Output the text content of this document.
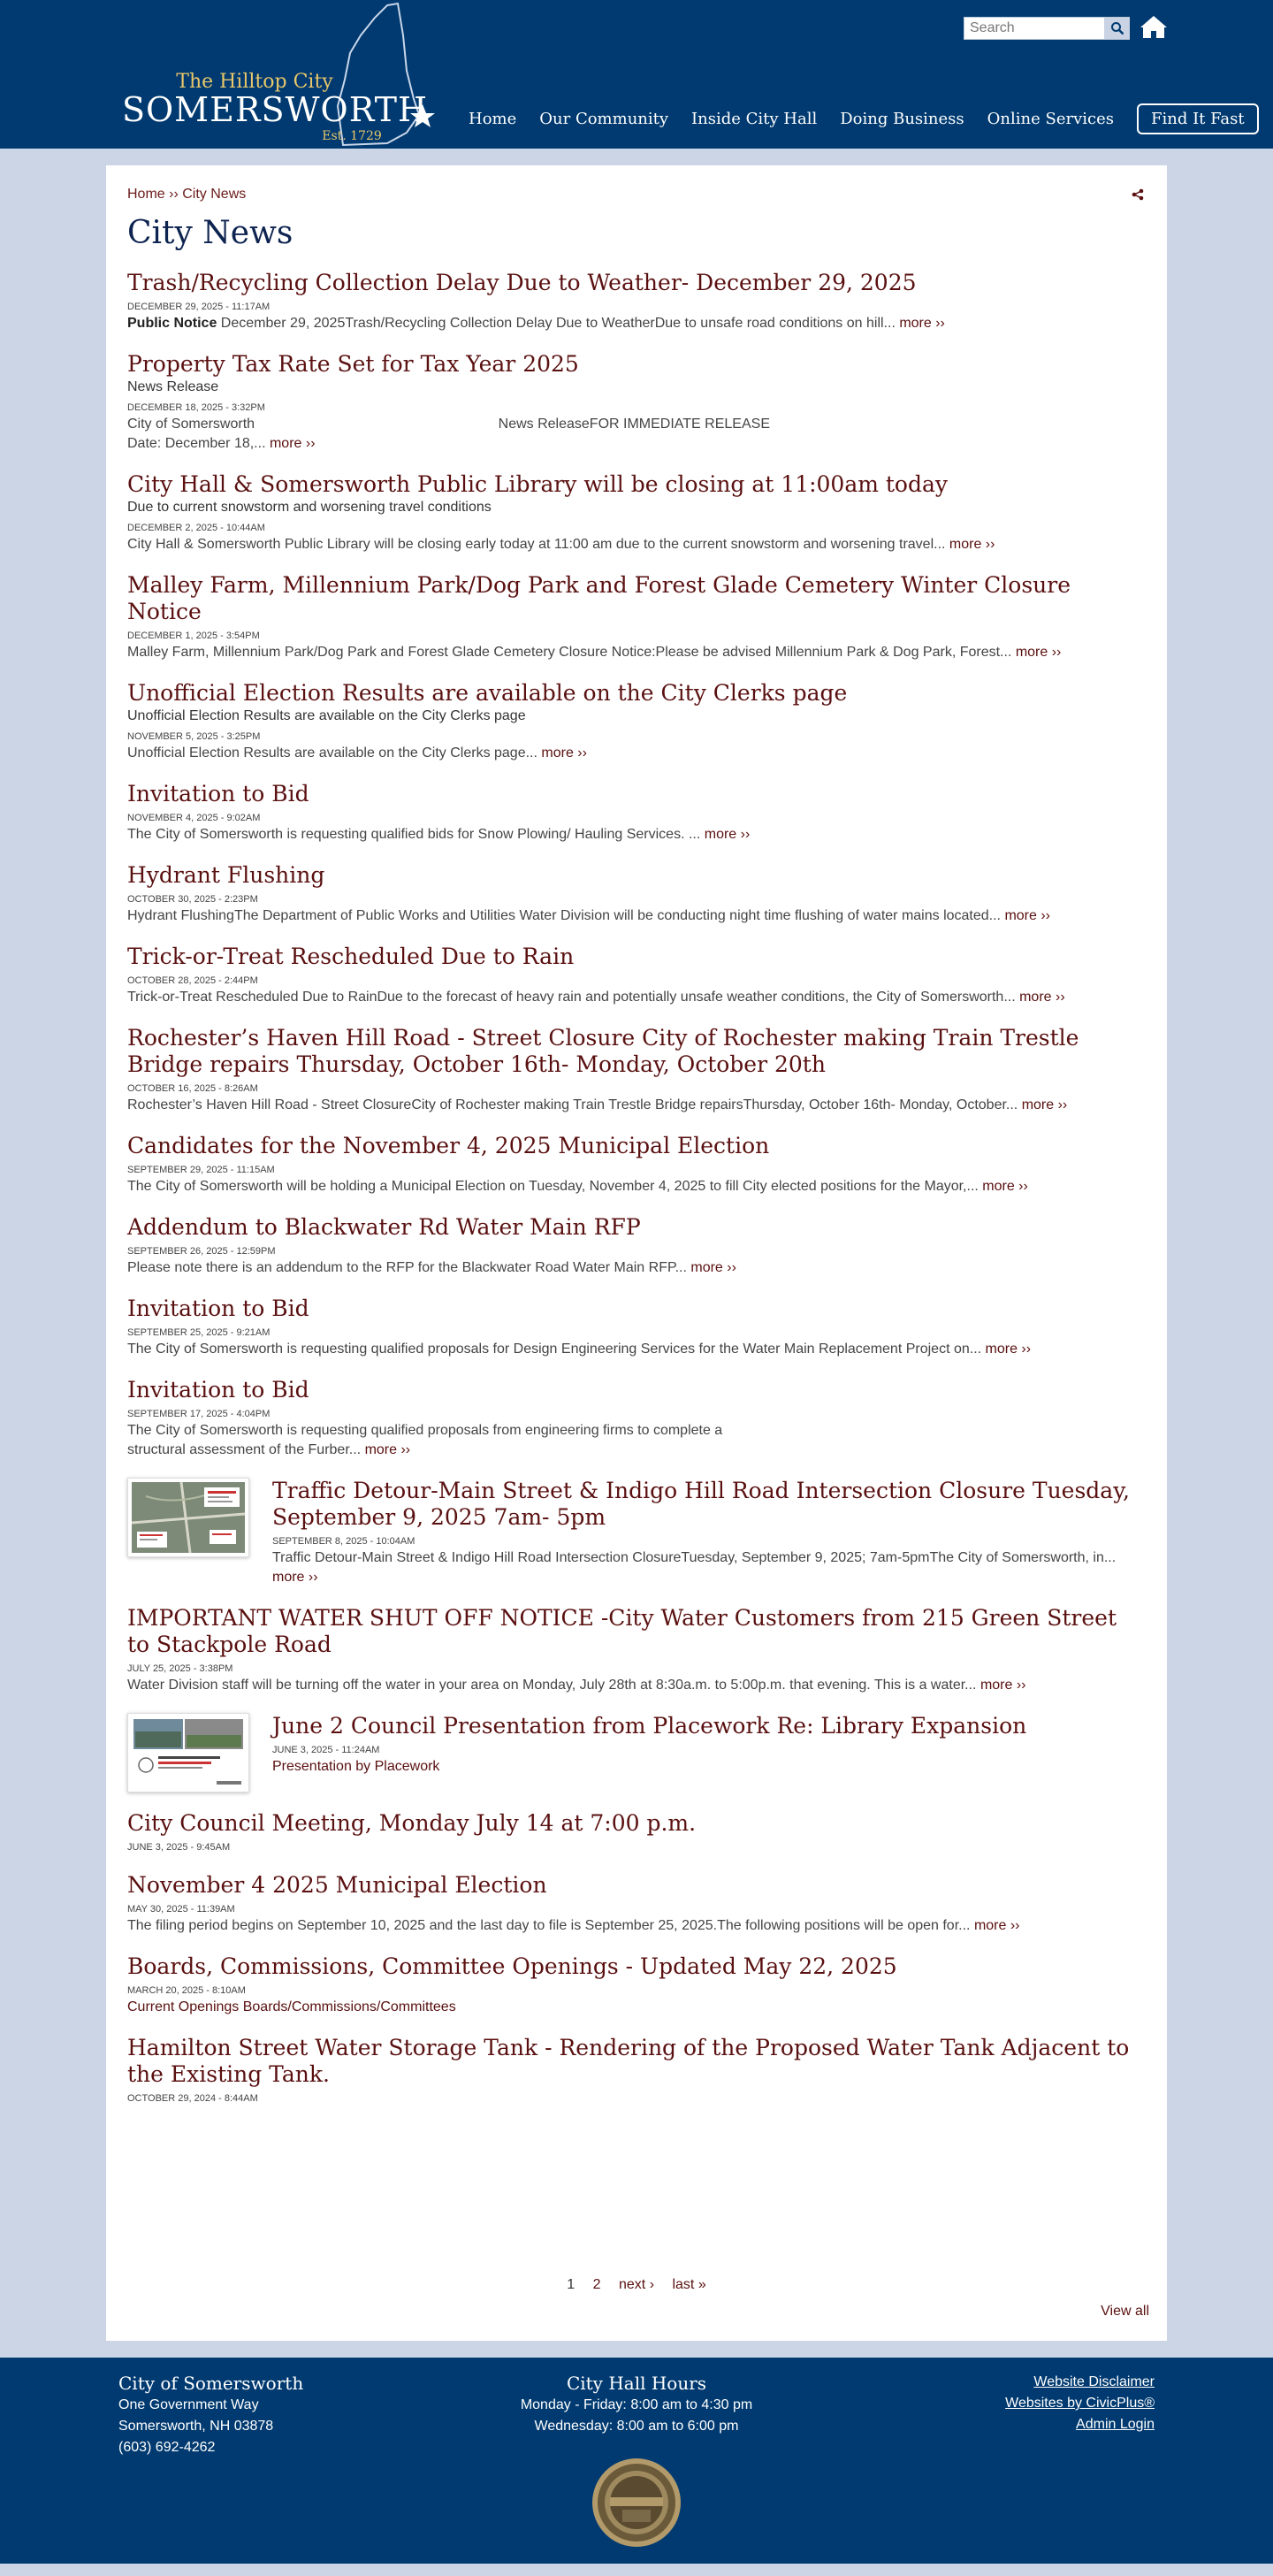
The Hilltop City
SOMERSWORTH
Est. 1729
Search
Home Our Community Inside City Hall Doing Business Online Services	Find It Fast
Home ›› City News
City News
Trash/Recycling Collection Delay Due to Weather- December 29, 2025
DECEMBER 29, 2025 - 11:17AM
Public Notice December 29, 2025Trash/Recycling Collection Delay Due to WeatherDue to unsafe road conditions on hill... more ››
Property Tax Rate Set for Tax Year 2025
News Release
DECEMBER 18, 2025 - 3:32PM
City of Somersworth                                                              News ReleaseFOR IMMEDIATE RELEASE
Date: December 18,... more ››
City Hall & Somersworth Public Library will be closing at 11:00am today
Due to current snowstorm and worsening travel conditions
DECEMBER 2, 2025 - 10:44AM
City Hall & Somersworth Public Library will be closing early today at 11:00 am due to the current snowstorm and worsening travel... more ››
Malley Farm, Millennium Park/Dog Park and Forest Glade Cemetery Winter Closure Notice
DECEMBER 1, 2025 - 3:54PM
Malley Farm, Millennium Park/Dog Park and Forest Glade Cemetery Closure Notice:Please be advised Millennium Park & Dog Park, Forest... more ››
Unofficial Election Results are available on the City Clerks page
Unofficial Election Results are available on the City Clerks page
NOVEMBER 5, 2025 - 3:25PM
Unofficial Election Results are available on the City Clerks page... more ››
Invitation to Bid
NOVEMBER 4, 2025 - 9:02AM
The City of Somersworth is requesting qualified bids for Snow Plowing/ Hauling Services. ... more ››
Hydrant Flushing
OCTOBER 30, 2025 - 2:23PM
Hydrant FlushingThe Department of Public Works and Utilities Water Division will be conducting night time flushing of water mains located... more ››
Trick-or-Treat Rescheduled Due to Rain
OCTOBER 28, 2025 - 2:44PM
Trick-or-Treat Rescheduled Due to RainDue to the forecast of heavy rain and potentially unsafe weather conditions, the City of Somersworth... more ››
Rochester’s Haven Hill Road - Street Closure City of Rochester making Train Trestle Bridge repairs Thursday, October 16th- Monday, October 20th
OCTOBER 16, 2025 - 8:26AM
Rochester’s Haven Hill Road - Street ClosureCity of Rochester making Train Trestle Bridge repairsThursday, October 16th- Monday, October... more ››
Candidates for the November 4, 2025 Municipal Election
SEPTEMBER 29, 2025 - 11:15AM
The City of Somersworth will be holding a Municipal Election on Tuesday, November 4, 2025 to fill City elected positions for the Mayor,... more ››
Addendum to Blackwater Rd Water Main RFP
SEPTEMBER 26, 2025 - 12:59PM
Please note there is an addendum to the RFP for the Blackwater Road Water Main RFP... more ››
Invitation to Bid
SEPTEMBER 25, 2025 - 9:21AM
The City of Somersworth is requesting qualified proposals for Design Engineering Services for the Water Main Replacement Project on... more ››
Invitation to Bid
SEPTEMBER 17, 2025 - 4:04PM
The City of Somersworth is requesting qualified proposals from engineering firms to complete a
structural assessment of the Furber... more ››
Traffic Detour-Main Street & Indigo Hill Road Intersection Closure Tuesday, September 9, 2025 7am- 5pm
SEPTEMBER 8, 2025 - 10:04AM
Traffic Detour-Main Street & Indigo Hill Road Intersection ClosureTuesday, September 9, 2025; 7am-5pmThe City of Somersworth, in... more ››
IMPORTANT WATER SHUT OFF NOTICE -City Water Customers from 215 Green Street to Stackpole Road
JULY 25, 2025 - 3:38PM
Water Division staff will be turning off the water in your area on Monday, July 28th at 8:30a.m. to 5:00p.m. that evening. This is a water... more ››
June 2 Council Presentation from Placework Re: Library Expansion
JUNE 3, 2025 - 11:24AM
Presentation by Placework
City Council Meeting, Monday July 14 at 7:00 p.m.
JUNE 3, 2025 - 9:45AM
November 4 2025 Municipal Election
MAY 30, 2025 - 11:39AM
The filing period begins on September 10, 2025 and the last day to file is September 25, 2025.The following positions will be open for... more ››
Boards, Commissions, Committee Openings - Updated May 22, 2025
MARCH 20, 2025 - 8:10AM
Current Openings Boards/Commissions/Committees
Hamilton Street Water Storage Tank - Rendering of the Proposed Water Tank Adjacent to the Existing Tank.
OCTOBER 29, 2024 - 8:44AM
1 2 next › last »
View all
City of Somersworth
One Government Way
Somersworth, NH 03878
(603) 692-4262
City Hall Hours
Monday - Friday: 8:00 am to 4:30 pm
Wednesday: 8:00 am to 6:00 pm
Website Disclaimer
Websites by CivicPlus®
Admin Login
